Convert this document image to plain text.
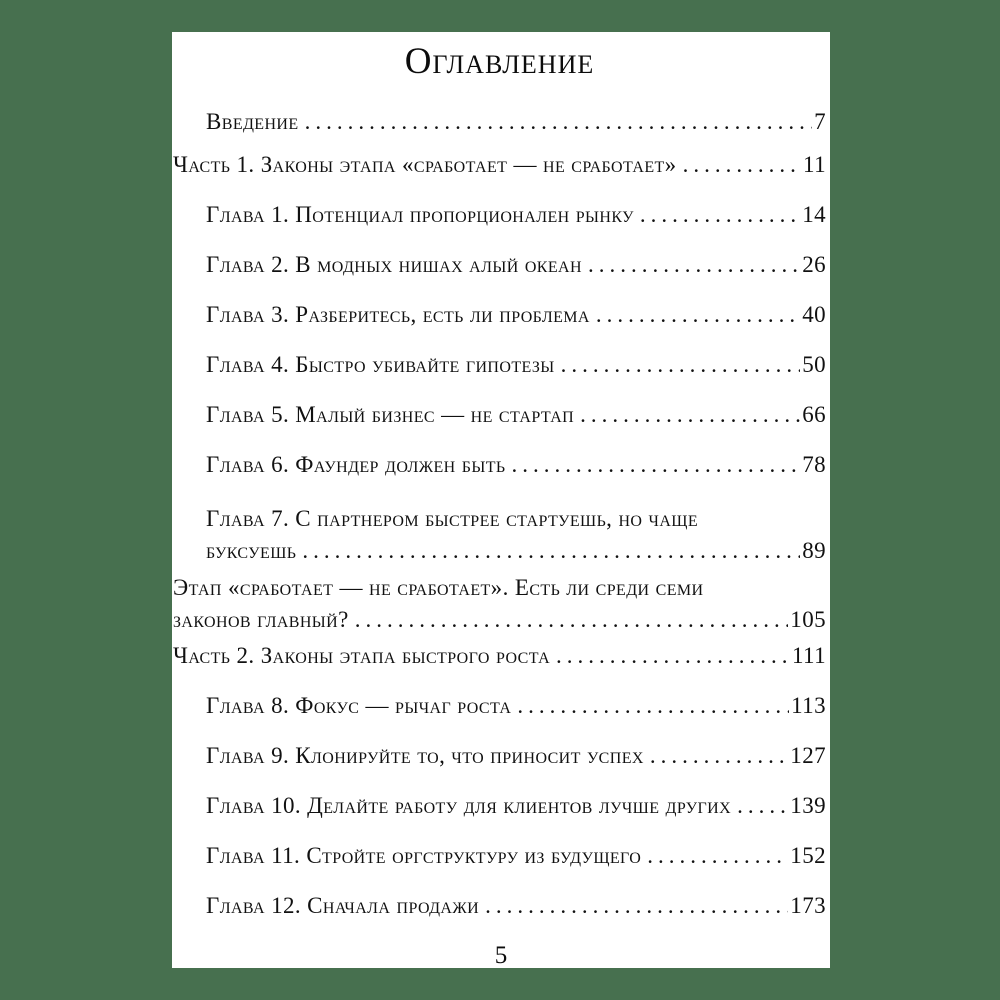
Оглавление
Введение .....	7
Часть 1. Законы этапа «сработает — не сработает» .....	11
Глава 1. Потенциал пропорционален рынку .....	14
Глава 2. В модных нишах алый океан .....	26
Глава 3. Разберитесь, есть ли проблема .....	40
Глава 4. Быстро убивайте гипотезы .....	50
Глава 5. Малый бизнес — не стартап .....	66
Глава 6. Фаундер должен быть .....	78
Глава 7. С партнером быстрее стартуешь, но чаще
буксуешь .....	89
Этап «сработает — не сработает». Есть ли среди семи
законов главный? .....	105
Часть 2. Законы этапа быстрого роста .....	111
Глава 8. Фокус — рычаг роста .....	113
Глава 9. Клонируйте то, что приносит успех .....	127
Глава 10. Делайте работу для клиентов лучше других .....	139
Глава 11. Стройте оргструктуру из будущего .....	152
Глава 12. Сначала продажи .....	173
5
